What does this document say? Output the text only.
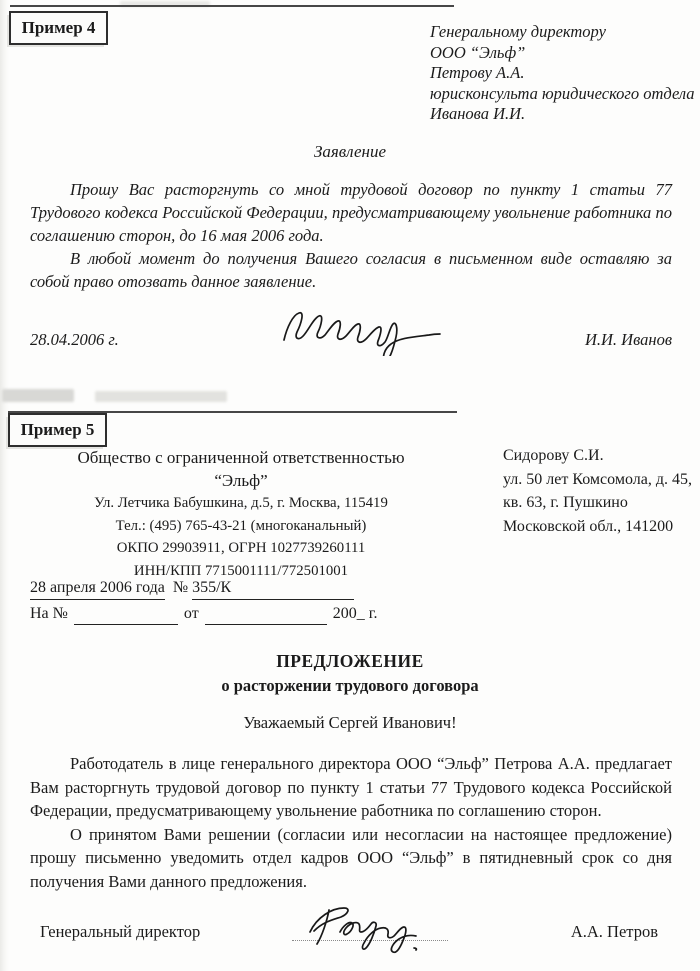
Пример 4	Генеральному директору
ООО “Эльф”
Петрову А.А.
юрисконсульта юридического отдела
Иванова И.И.
Заявление

Прошу Вас расторгнуть со мной трудовой договор по пункту 1 статьи 77 Трудового кодекса Российской Федерации, предусматривающему увольнение работника по соглашению сторон, до 16 мая 2006 года.

В любой момент до получения Вашего согласия в письменном виде оставляю за собой право отозвать данное заявление.

28.04.2006 г.	И.И. Иванов
Пример 5
Общество с ограниченной ответственностью
“Эльф”
Ул. Летчика Бабушкина, д.5, г. Москва, 115419
Тел.: (495) 765-43-21 (многоканальный)
ОКПО 29903911, ОГРН 1027739260111
ИНН/КПП 7715001111/772501001
Сидорову С.И.
ул. 50 лет Комсомола, д. 45,
кв. 63, г. Пушкино
Московской обл., 141200
28 апреля 2006 года № 355/К
На №	от	200_ г.
ПРЕДЛОЖЕНИЕ
о расторжении трудового договора
Уважаемый Сергей Иванович!

Работодатель в лице генерального директора ООО “Эльф” Петрова А.А. предлагает Вам расторгнуть трудовой договор по пункту 1 статьи 77 Трудового кодекса Российской Федерации, предусматривающему увольнение работника по соглашению сторон.

О принятом Вами решении (согласии или несогласии на настоящее предложение) прошу письменно уведомить отдел кадров ООО “Эльф” в пятидневный срок со дня получения Вами данного предложения.

Генеральный директор	А.А. Петров
